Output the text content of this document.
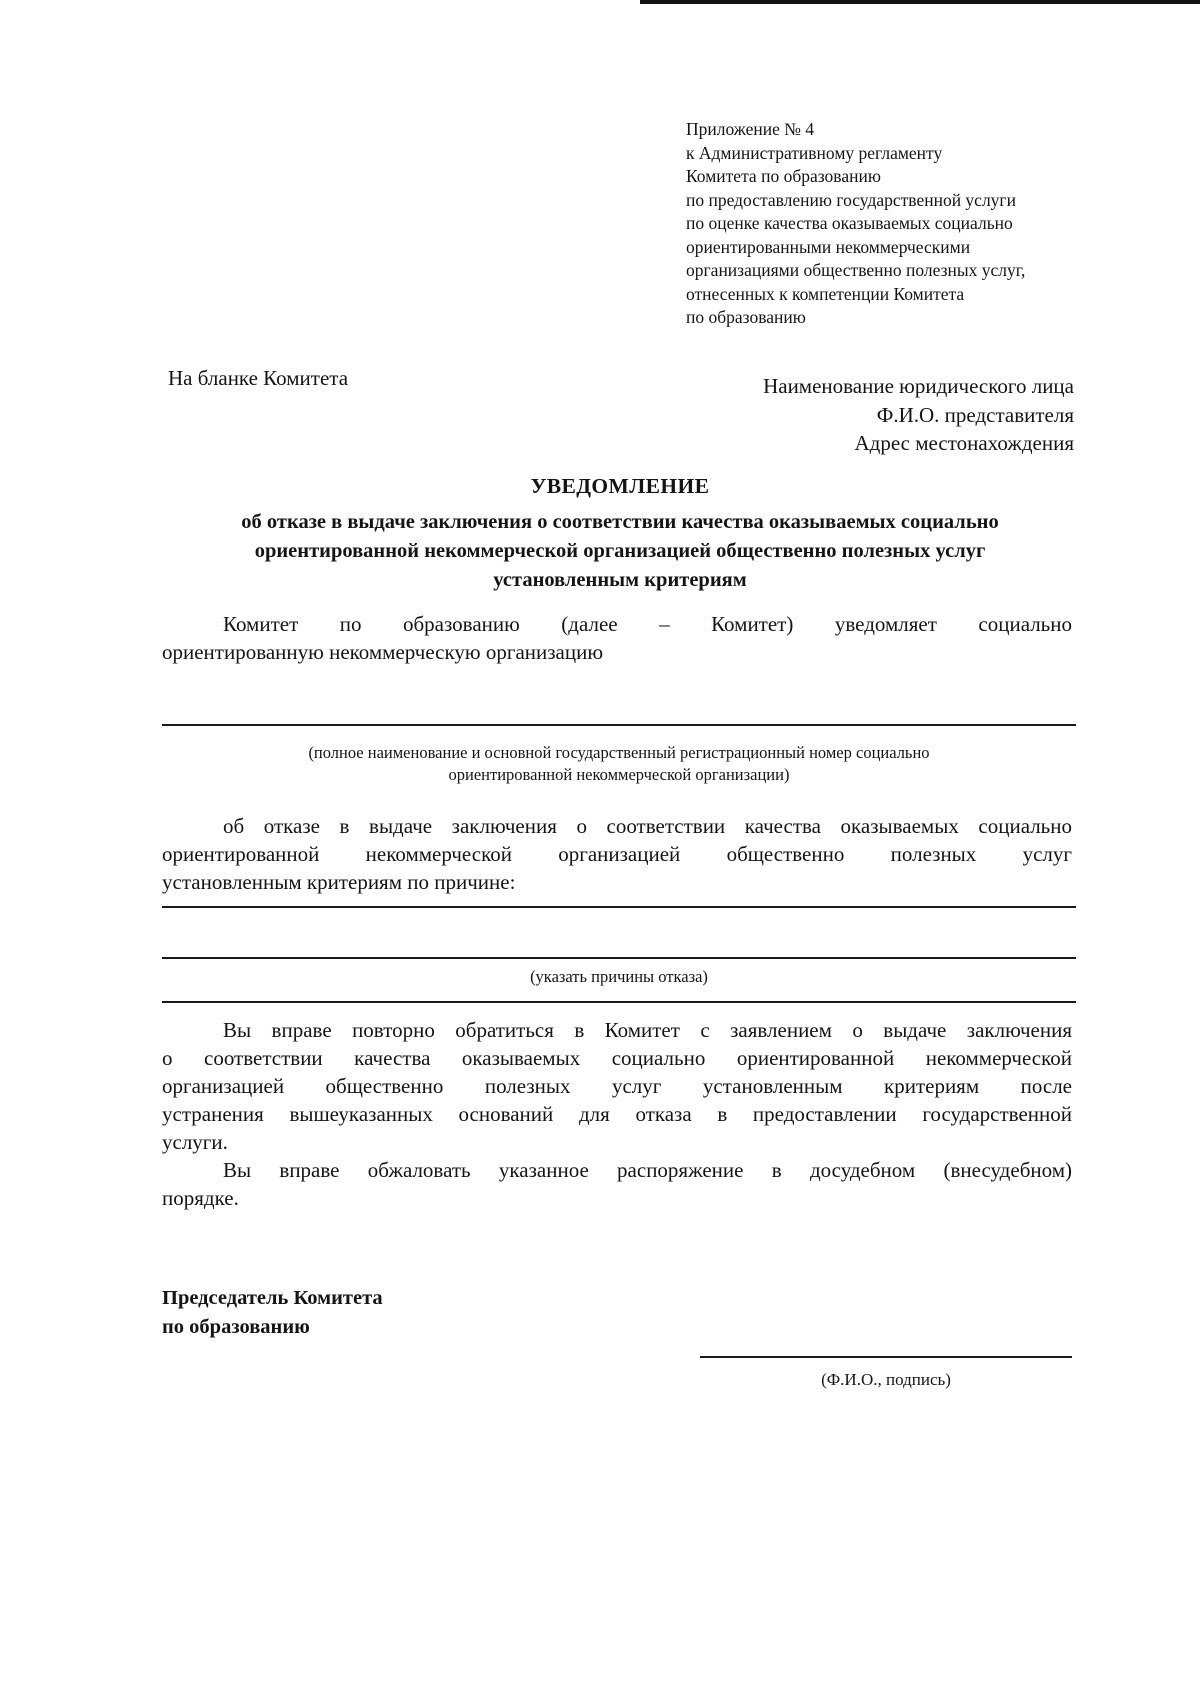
Приложение № 4
к Административному регламенту
Комитета по образованию
по предоставлению государственной услуги
по оценке качества оказываемых социально
ориентированными некоммерческими
организациями общественно полезных услуг,
отнесенных к компетенции Комитета
по образованию
На бланке Комитета	Наименование юридического лица
Ф.И.О. представителя
Адрес местонахождения
УВЕДОМЛЕНИЕ
об отказе в выдаче заключения о соответствии качества оказываемых социально
ориентированной некоммерческой организацией общественно полезных услуг
установленным критериям
Комитет по образованию (далее – Комитет) уведомляет социально
ориентированную некоммерческую организацию
(полное наименование и основной государственный регистрационный номер социально
ориентированной некоммерческой организации)
об отказе в выдаче заключения о соответствии качества оказываемых социально
ориентированной некоммерческой организацией общественно полезных услуг
установленным критериям по причине:
(указать причины отказа)
Вы вправе повторно обратиться в Комитет с заявлением о выдаче заключения
о соответствии качества оказываемых социально ориентированной некоммерческой
организацией общественно полезных услуг установленным критериям после
устранения вышеуказанных оснований для отказа в предоставлении государственной
услуги.
Вы вправе обжаловать указанное распоряжение в досудебном (внесудебном)
порядке.
Председатель Комитета
по образованию
(Ф.И.О., подпись)
